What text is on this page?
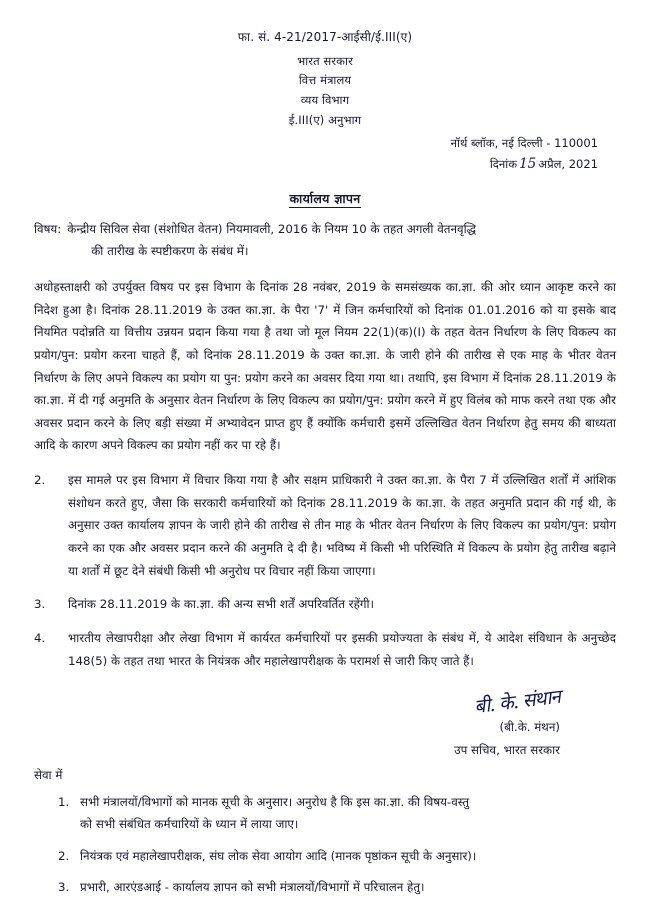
फा. सं. 4-21/2017-आईसी/ई.III(ए)
भारत सरकार
वित्त मंत्रालय
व्यय विभाग
ई.III(ए) अनुभाग
नॉर्थ ब्लॉक, नई दिल्ली - 110001
दिनांक 15 अप्रैल, 2021
कार्यालय ज्ञापन
विषय: केन्द्रीय सिविल सेवा (संशोधित वेतन) नियमावली, 2016 के नियम 10 के तहत अगली वेतनवृद्धि
की तारीख के स्पष्टीकरण के संबंध में।
अधोहस्ताक्षरी को उपर्युक्त विषय पर इस विभाग के दिनांक 28 नवंबर, 2019 के समसंख्यक का.ज्ञा. की ओर ध्यान आकृष्ट करने का निदेश हुआ है। दिनांक 28.11.2019 के उक्त का.ज्ञा. के पैरा '7' में जिन कर्मचारियों को दिनांक 01.01.2016 को या इसके बाद नियमित पदोन्नति या वित्तीय उन्नयन प्रदान किया गया है तथा जो मूल नियम 22(1)(क)(I) के तहत वेतन निर्धारण के लिए विकल्प का प्रयोग/पुन: प्रयोग करना चाहते हैं, को दिनांक 28.11.2019 के उक्त का.ज्ञा. के जारी होने की तारीख से एक माह के भीतर वेतन निर्धारण के लिए अपने विकल्प का प्रयोग या पुन: प्रयोग करने का अवसर दिया गया था। तथापि, इस विभाग में दिनांक 28.11.2019 के का.ज्ञा. में दी गई अनुमति के अनुसार वेतन निर्धारण के लिए विकल्प का प्रयोग/पुन: प्रयोग करने में हुए विलंब को माफ करने तथा एक और अवसर प्रदान करने के लिए बड़ी संख्या में अभ्यावेदन प्राप्त हुए हैं क्योंकि कर्मचारी इसमें उल्लिखित वेतन निर्धारण हेतु समय की बाध्यता आदि के कारण अपने विकल्प का प्रयोग नहीं कर पा रहे हैं।
2.	इस मामले पर इस विभाग में विचार किया गया है और सक्षम प्राधिकारी ने उक्त का.ज्ञा. के पैरा 7 में उल्लिखित शर्तों में आंशिक संशोधन करते हुए, जैसा कि सरकारी कर्मचारियों को दिनांक 28.11.2019 के का.ज्ञा. के तहत अनुमति प्रदान की गई थी, के अनुसार उक्त कार्यालय ज्ञापन के जारी होने की तारीख से तीन माह के भीतर वेतन निर्धारण के लिए विकल्प का प्रयोग/पुन: प्रयोग करने का एक और अवसर प्रदान करने की अनुमति दे दी है। भविष्य में किसी भी परिस्थिति में विकल्प के प्रयोग हेतु तारीख बढ़ाने या शर्तों में छूट देने संबंधी किसी भी अनुरोध पर विचार नहीं किया जाएगा।
3.	दिनांक 28.11.2019 के का.ज्ञा. की अन्य सभी शर्तें अपरिवर्तित रहेंगी।
4.	भारतीय लेखापरीक्षा और लेखा विभाग में कार्यरत कर्मचारियों पर इसकी प्रयोज्यता के संबंध में, ये आदेश संविधान के अनुच्छेद 148(5) के तहत तथा भारत के नियंत्रक और महालेखापरीक्षक के परामर्श से जारी किए जाते हैं।
बी. के. संथान
(बी.के. मंथन)
उप सचिव, भारत सरकार
सेवा में
1. सभी मंत्रालयों/विभागों को मानक सूची के अनुसार। अनुरोध है कि इस का.ज्ञा. की विषय-वस्तु
को सभी संबंधित कर्मचारियों के ध्यान में लाया जाए।
2. नियंत्रक एवं महालेखापरीक्षक, संघ लोक सेवा आयोग आदि (मानक पृष्ठांकन सूची के अनुसार)।
3. प्रभारी, आरएंडआई - कार्यालय ज्ञापन को सभी मंत्रालयों/विभागों में परिचालन हेतु।
